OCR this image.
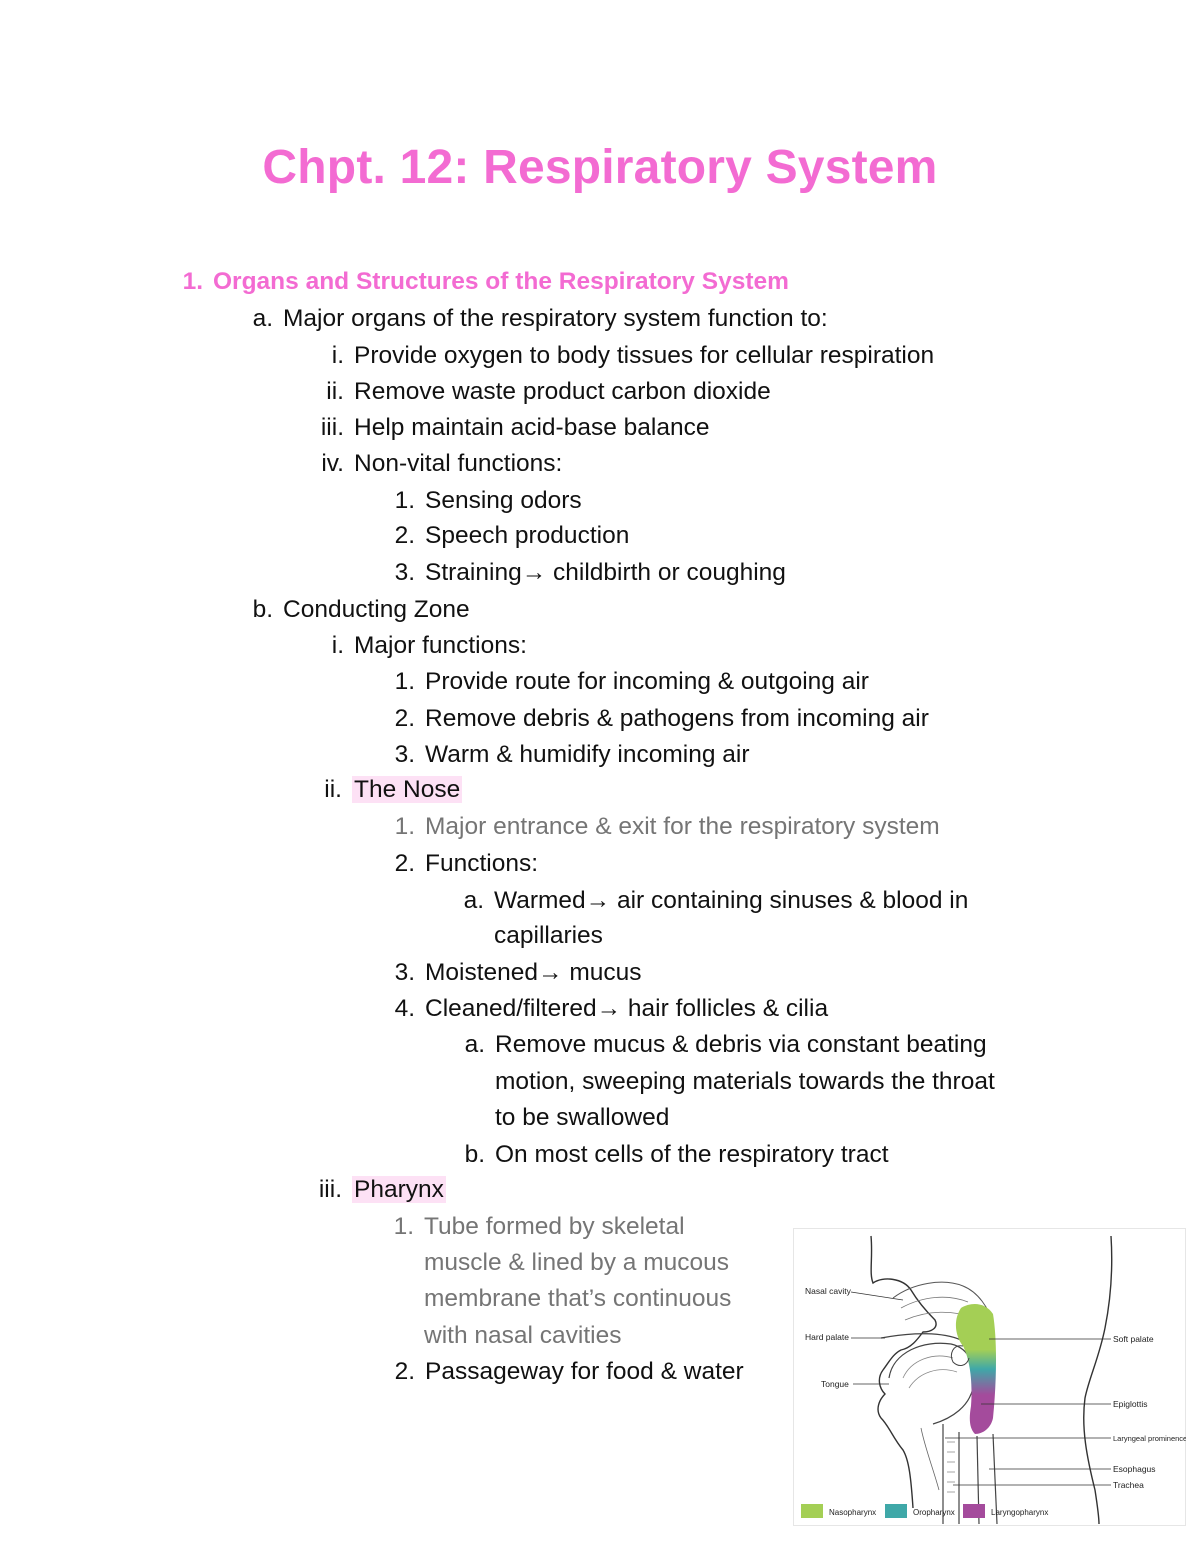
Chpt. 12: Respiratory System
1. Organs and Structures of the Respiratory System
a. Major organs of the respiratory system function to:
i. Provide oxygen to body tissues for cellular respiration
ii. Remove waste product carbon dioxide
iii. Help maintain acid-base balance
iv. Non-vital functions:
1. Sensing odors
2. Speech production
3. Straining→ childbirth or coughing
b. Conducting Zone
i. Major functions:
1. Provide route for incoming & outgoing air
2. Remove debris & pathogens from incoming air
3. Warm & humidify incoming air
ii. The Nose
1. Major entrance & exit for the respiratory system
2. Functions:
a. Warmed→ air containing sinuses & blood in
capillaries
3. Moistened→ mucus
4. Cleaned/filtered→ hair follicles & cilia
a. Remove mucus & debris via constant beating
motion, sweeping materials towards the throat
to be swallowed
b. On most cells of the respiratory tract
iii. Pharynx
1. Tube formed by skeletal
muscle & lined by a mucous
membrane that’s continuous
with nasal cavities
2. Passageway for food & water
Nasal cavity
Hard palate
Tongue
Soft palate
Epiglottis
Laryngeal prominence
Esophagus
Trachea
Nasopharynx	Oropharynx	Laryngopharynx
